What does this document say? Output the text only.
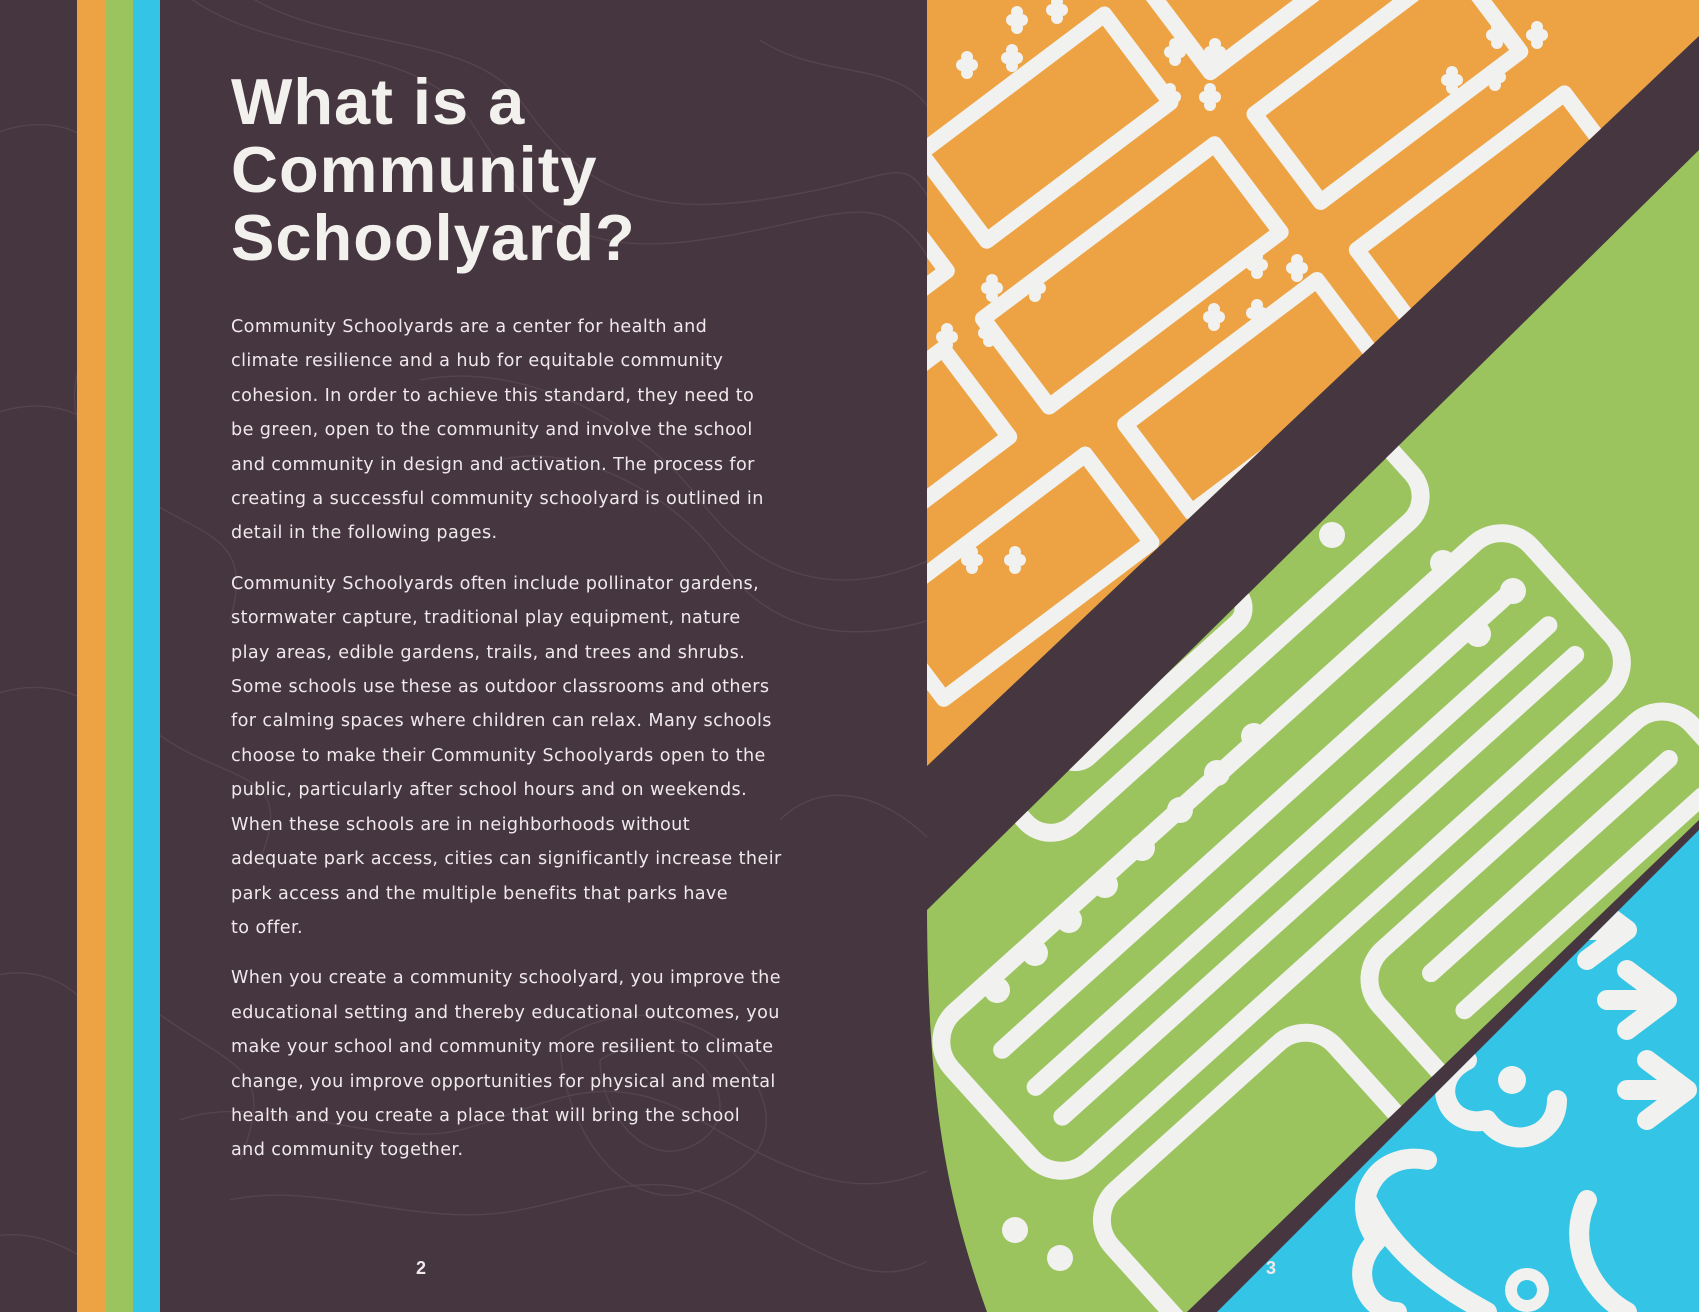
What is a
Community
Schoolyard?

Community Schoolyards are a center for health and
climate resilience and a hub for equitable community
cohesion. In order to achieve this standard, they need to
be green, open to the community and involve the school
and community in design and activation. The process for
creating a successful community schoolyard is outlined in
detail in the following pages.

Community Schoolyards often include pollinator gardens,
stormwater capture, traditional play equipment, nature
play areas, edible gardens, trails, and trees and shrubs.
Some schools use these as outdoor classrooms and others
for calming spaces where children can relax. Many schools
choose to make their Community Schoolyards open to the
public, particularly after school hours and on weekends.
When these schools are in neighborhoods without
adequate park access, cities can significantly increase their
park access and the multiple benefits that parks have
to offer.

When you create a community schoolyard, you improve the
educational setting and thereby educational outcomes, you
make your school and community more resilient to climate
change, you improve opportunities for physical and mental
health and you create a place that will bring the school
and community together.

2	3
